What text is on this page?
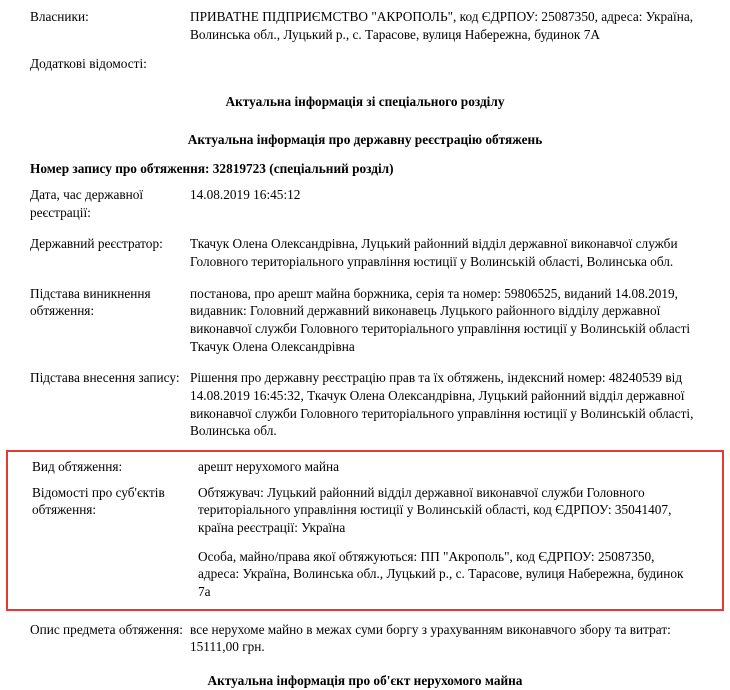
Власники:	ПРИВАТНЕ ПІДПРИЄМСТВО "АКРОПОЛЬ", код ЄДРПОУ: 25087350, адреса: Україна, Волинська обл., Луцький р., с. Тарасове, вулиця Набережна, будинок 7А
Додаткові відомості:
Актуальна інформація зі спеціального розділу
Актуальна інформація про державну реєстрацію обтяжень
Номер запису про обтяження: 32819723 (спеціальний розділ)
Дата, час державної реєстрації:
14.08.2019 16:45:12
Державний реєстратор:	Ткачук Олена Олександрівна, Луцький районний відділ державної виконавчої служби Головного територіального управління юстиції у Волинській області, Волинська обл.
Підстава виникнення обтяження:
постанова, про арешт майна боржника, серія та номер: 59806525, виданий 14.08.2019, видавник: Головний державний виконавець Луцького районного відділу державної виконавчої служби Головного територіального управління юстиції у Волинській області Ткачук Олена Олександрівна
Підстава внесення запису: Рішення про державну реєстрацію прав та їх обтяжень, індексний номер: 48240539 від 14.08.2019 16:45:32, Ткачук Олена Олександрівна, Луцький районний відділ державної виконавчої служби Головного територіального управління юстиції у Волинській області, Волинська обл.
Вид обтяження:	арешт нерухомого майна
Відомості про суб'єктів обтяження:

Обтяжувач: Луцький районний відділ державної виконавчої служби Головного територіального управління юстиції у Волинській області, код ЄДРПОУ: 35041407, країна реєстрації: Україна

Особа, майно/права якої обтяжуються: ПП "Акрополь", код ЄДРПОУ: 25087350, адреса: Україна, Волинська обл., Луцький р., с. Тарасове, вулиця Набережна, будинок 7а

Опис предмета обтяження: все нерухоме майно в межах суми боргу з урахуванням виконавчого збору та витрат: 15111,00 грн.
Актуальна інформація про об'єкт нерухомого майна
